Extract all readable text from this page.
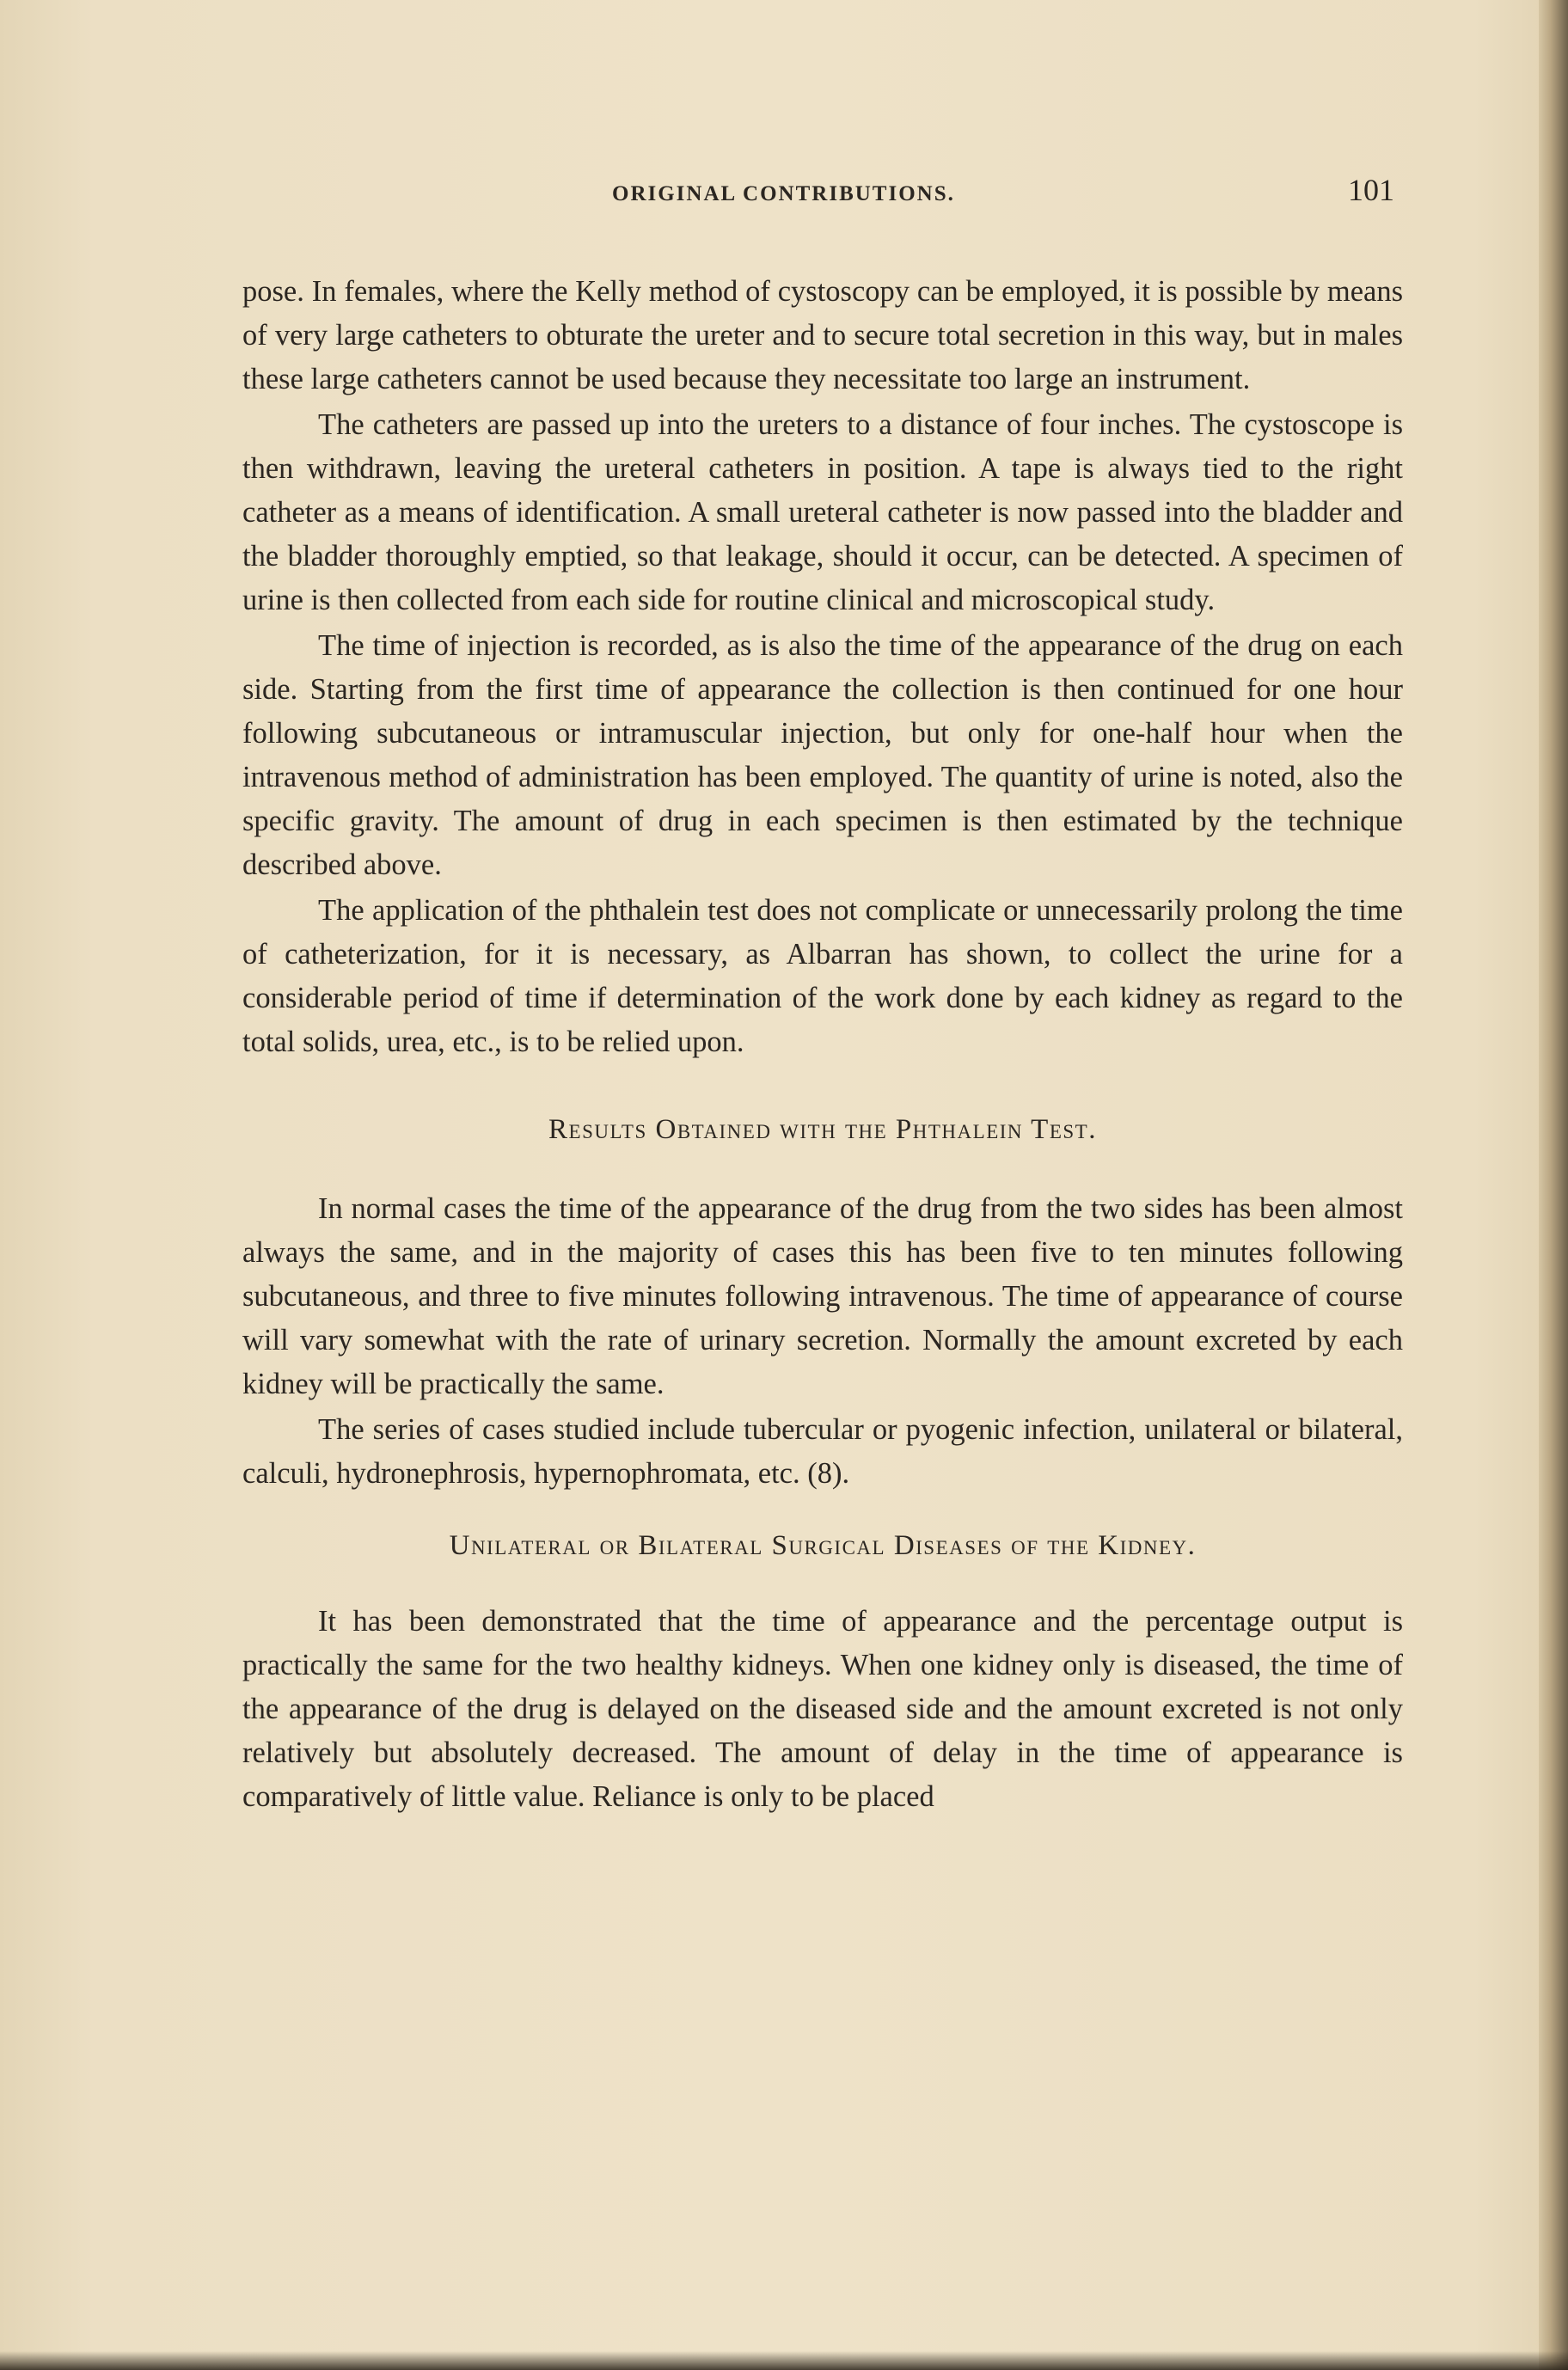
ORIGINAL CONTRIBUTIONS.	101

pose. In females, where the Kelly method of cystoscopy can be employed, it is possible by means of very large catheters to obturate the ureter and to secure total secretion in this way, but in males these large catheters cannot be used because they necessitate too large an instrument.

The catheters are passed up into the ureters to a distance of four inches. The cystoscope is then withdrawn, leaving the ureteral catheters in position. A tape is always tied to the right catheter as a means of identification. A small ureteral catheter is now passed into the bladder and the bladder thoroughly emptied, so that leakage, should it occur, can be detected. A specimen of urine is then collected from each side for routine clinical and microscopical study.

The time of injection is recorded, as is also the time of the appearance of the drug on each side. Starting from the first time of appearance the collection is then continued for one hour following subcutaneous or intramuscular injection, but only for one-half hour when the intravenous method of administration has been employed. The quantity of urine is noted, also the specific gravity. The amount of drug in each specimen is then estimated by the technique described above.

The application of the phthalein test does not complicate or unnecessarily prolong the time of catheterization, for it is necessary, as Albarran has shown, to collect the urine for a considerable period of time if determination of the work done by each kidney as regard to the total solids, urea, etc., is to be relied upon.

Results Obtained with the Phthalein Test.

In normal cases the time of the appearance of the drug from the two sides has been almost always the same, and in the majority of cases this has been five to ten minutes following subcutaneous, and three to five minutes following intravenous. The time of appearance of course will vary somewhat with the rate of urinary secretion. Normally the amount excreted by each kidney will be practically the same.

The series of cases studied include tubercular or pyogenic infection, unilateral or bilateral, calculi, hydronephrosis, hypernophromata, etc. (8).

Unilateral or Bilateral Surgical Diseases of the Kidney.

It has been demonstrated that the time of appearance and the percentage output is practically the same for the two healthy kidneys. When one kidney only is diseased, the time of the appearance of the drug is delayed on the diseased side and the amount excreted is not only relatively but absolutely decreased. The amount of delay in the time of appearance is comparatively of little value. Reliance is only to be placed
